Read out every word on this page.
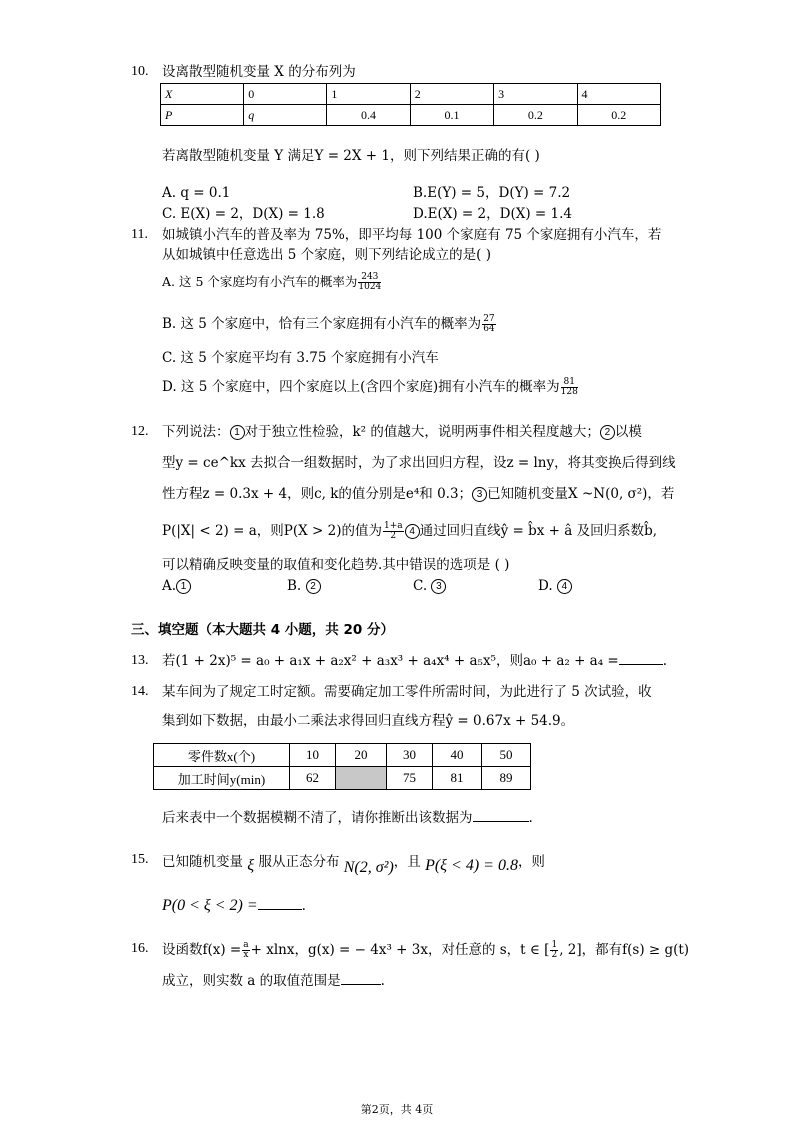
10. 设离散型随机变量 X 的分布列为
X	0	1	2	3	4
P	q	0.4	0.1	0.2	0.2
若离散型随机变量 Y 满足Y = 2X + 1，则下列结果正确的有( )
A. q = 0.1	B.E(Y) = 5，D(Y) = 7.2
C. E(X) = 2，D(X) = 1.8	D.E(X) = 2，D(X) = 1.4
11. 如城镇小汽车的普及率为 75%，即平均每 100 个家庭有 75 个家庭拥有小汽车，若
从如城镇中任意选出 5 个家庭，则下列结论成立的是( )
A. 这 5 个家庭均有小汽车的概率为 $\frac{243}{1024}$
B. 这 5 个家庭中，恰有三个家庭拥有小汽车的概率为 $\frac{27}{64}$
C. 这 5 个家庭平均有 3.75 个家庭拥有小汽车
D. 这 5 个家庭中，四个家庭以上(含四个家庭)拥有小汽车的概率为 $\frac{81}{128}$
12. 下列说法： 1 对于独立性检验，k² 的值越大，说明两事件相关程度越大； 2 以模
型y = ce^kx 去拟合一组数据时，为了求出回归方程，设z = lny，将其变换后得到线
性方程z = 0.3x + 4，则c, k的值分别是e⁴和 0.3； 3 已知随机变量X ~N(0, σ²)，若
P(|X| < 2) = a，则P(X > 2)的值为 $\frac{1+a}{2} 4$ 通过回归直线ŷ = b̂x + â 及回归系数b̂,
可以精确反映变量的取值和变化趋势.其中错误的选项是 ( )
A. 1	B. 2	C. 3	D. 4
三、填空题（本大题共 4 小题，共 20 分）
13. 若(1 + 2x)⁵ = a₀ + a₁x + a₂x² + a₃x³ + a₄x⁴ + a₅x⁵，则a₀ + a₂ + a₄ =	.
14. 某车间为了规定工时定额。需要确定加工零件所需时间，为此进行了 5 次试验，收
集到如下数据，由最小二乘法求得回归直线方程ŷ = 0.67x + 54.9。
零件数x(个)	10	20	30	40	50
加工时间y(min)	62		75	81	89
后来表中一个数据模糊不清了，请你推断出该数据为	.
15. 已知随机变量 ξ 服从正态分布 N(2, σ²)，且 P(ξ < 4) = 0.8，则
P(0 < ξ < 2) =	.
16. 设函数$f(x) = \frac{a}{x} + xlnx$，g(x) = − 4x³ + 3x，对任意的 s，t ∈ [ $\frac{1}{2}$ , 2]，都有f(s) ≥ g(t)
成立，则实数 a 的取值范围是	.
第2页，共 4页
